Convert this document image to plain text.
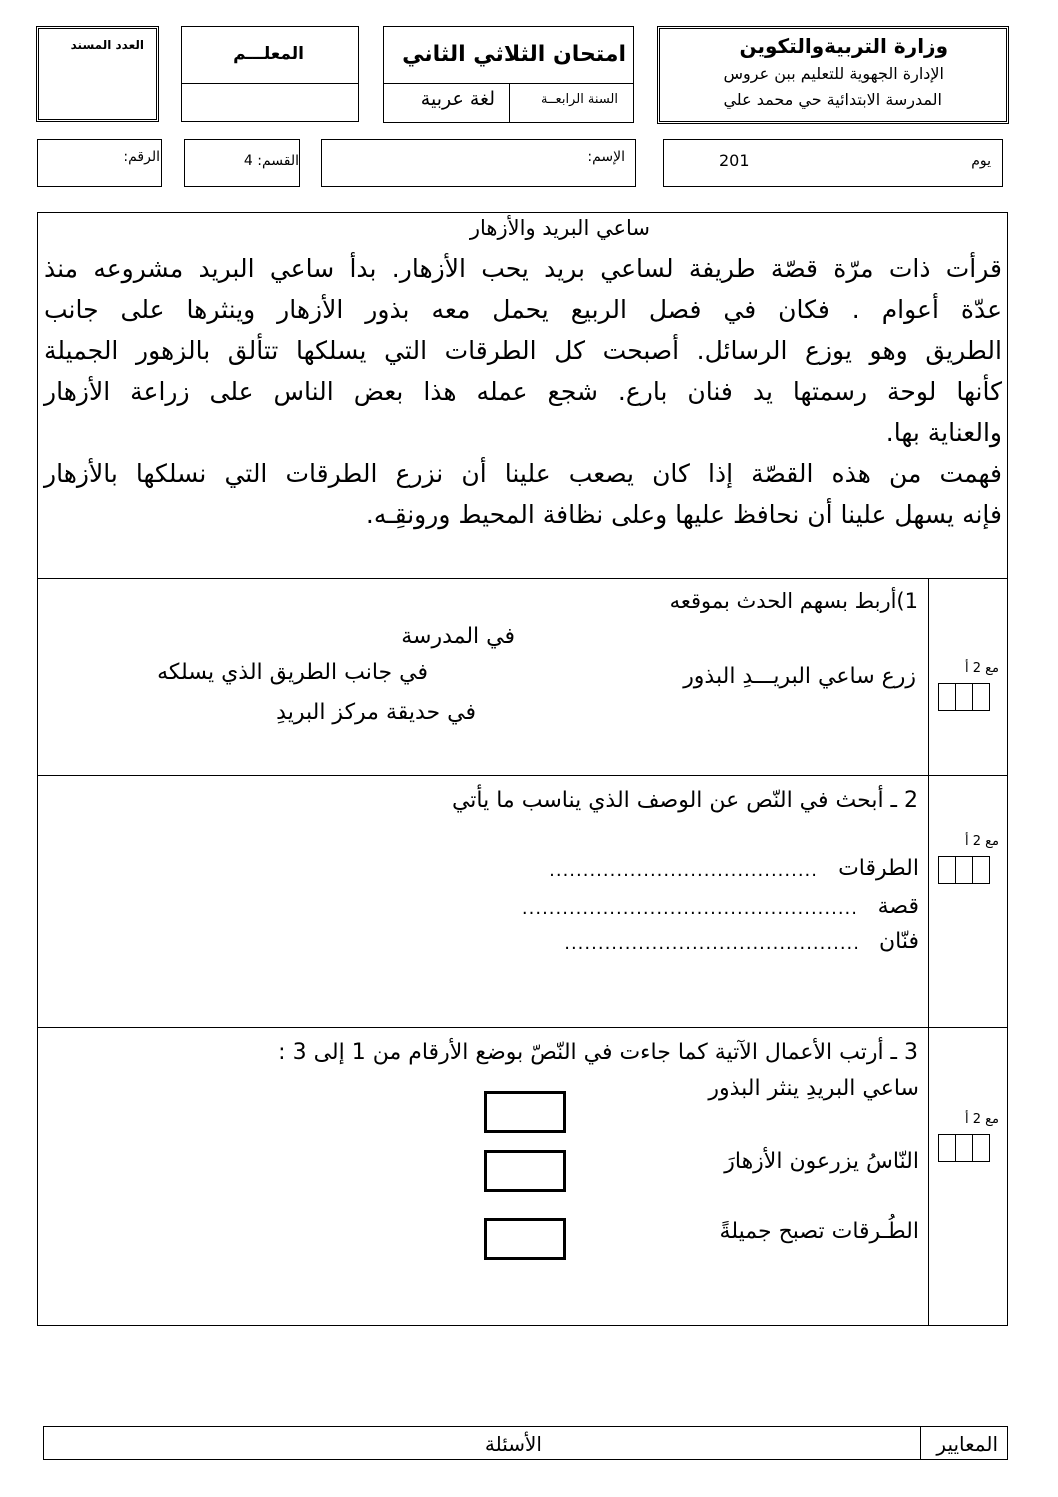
وزارة التربيةوالتكوين
الإدارة الجهوية للتعليم ببن عروس
المدرسة الابتدائية حي محمد علي
امتحان الثلاثي الثاني
السنة الرابعــة
لغة عربية
المعلـــم
العدد المسند
يوم
201
الإسم:
القسم: 4
الرقم:
ساعي البريد والأزهار
قرأت ذات مرّة قصّة طريفة لساعي بريد يحب الأزهار. بدأ ساعي البريد مشروعه منذ
عدّة أعوام . فكان في فصل الربيع يحمل معه بذور الأزهار وينثرها على جانب
الطريق وهو يوزع الرسائل. أصبحت كل الطرقات التي يسلكها تتألق بالزهور الجميلة
كأنها لوحة رسمتها يد فنان بارع. شجع عمله هذا بعض الناس على زراعة الأزهار
والعناية بها.
فهمت من هذه القصّة إذا كان يصعب علينا أن نزرع الطرقات التي نسلكها بالأزهار
فإنه يسهل علينا أن نحافظ عليها وعلى نظافة المحيط ورونقِـه.
مع 2 أ
1)أربط بسهم الحدث بموقعه
زرع ساعي البريـــدِ البذور
في المدرسة
في جانب الطريق الذي يسلكه
في حديقة مركز البريدِ
مع 2 أ
2 ـ أبحث في النّص عن الوصف الذي يناسب ما يأتي
الطرقات
........................................
قصة
..................................................
فنّان
............................................
مع 2 أ
3 ـ أرتب الأعمال الآتية كما جاءت في النّصّ بوضع الأرقام من 1 إلى 3 :
ساعي البريدِ ينثر البذور
النّاسُ يزرعون الأزهارَ
الطُـرقات تصبح جميلةً
المعايير
الأسئلة
